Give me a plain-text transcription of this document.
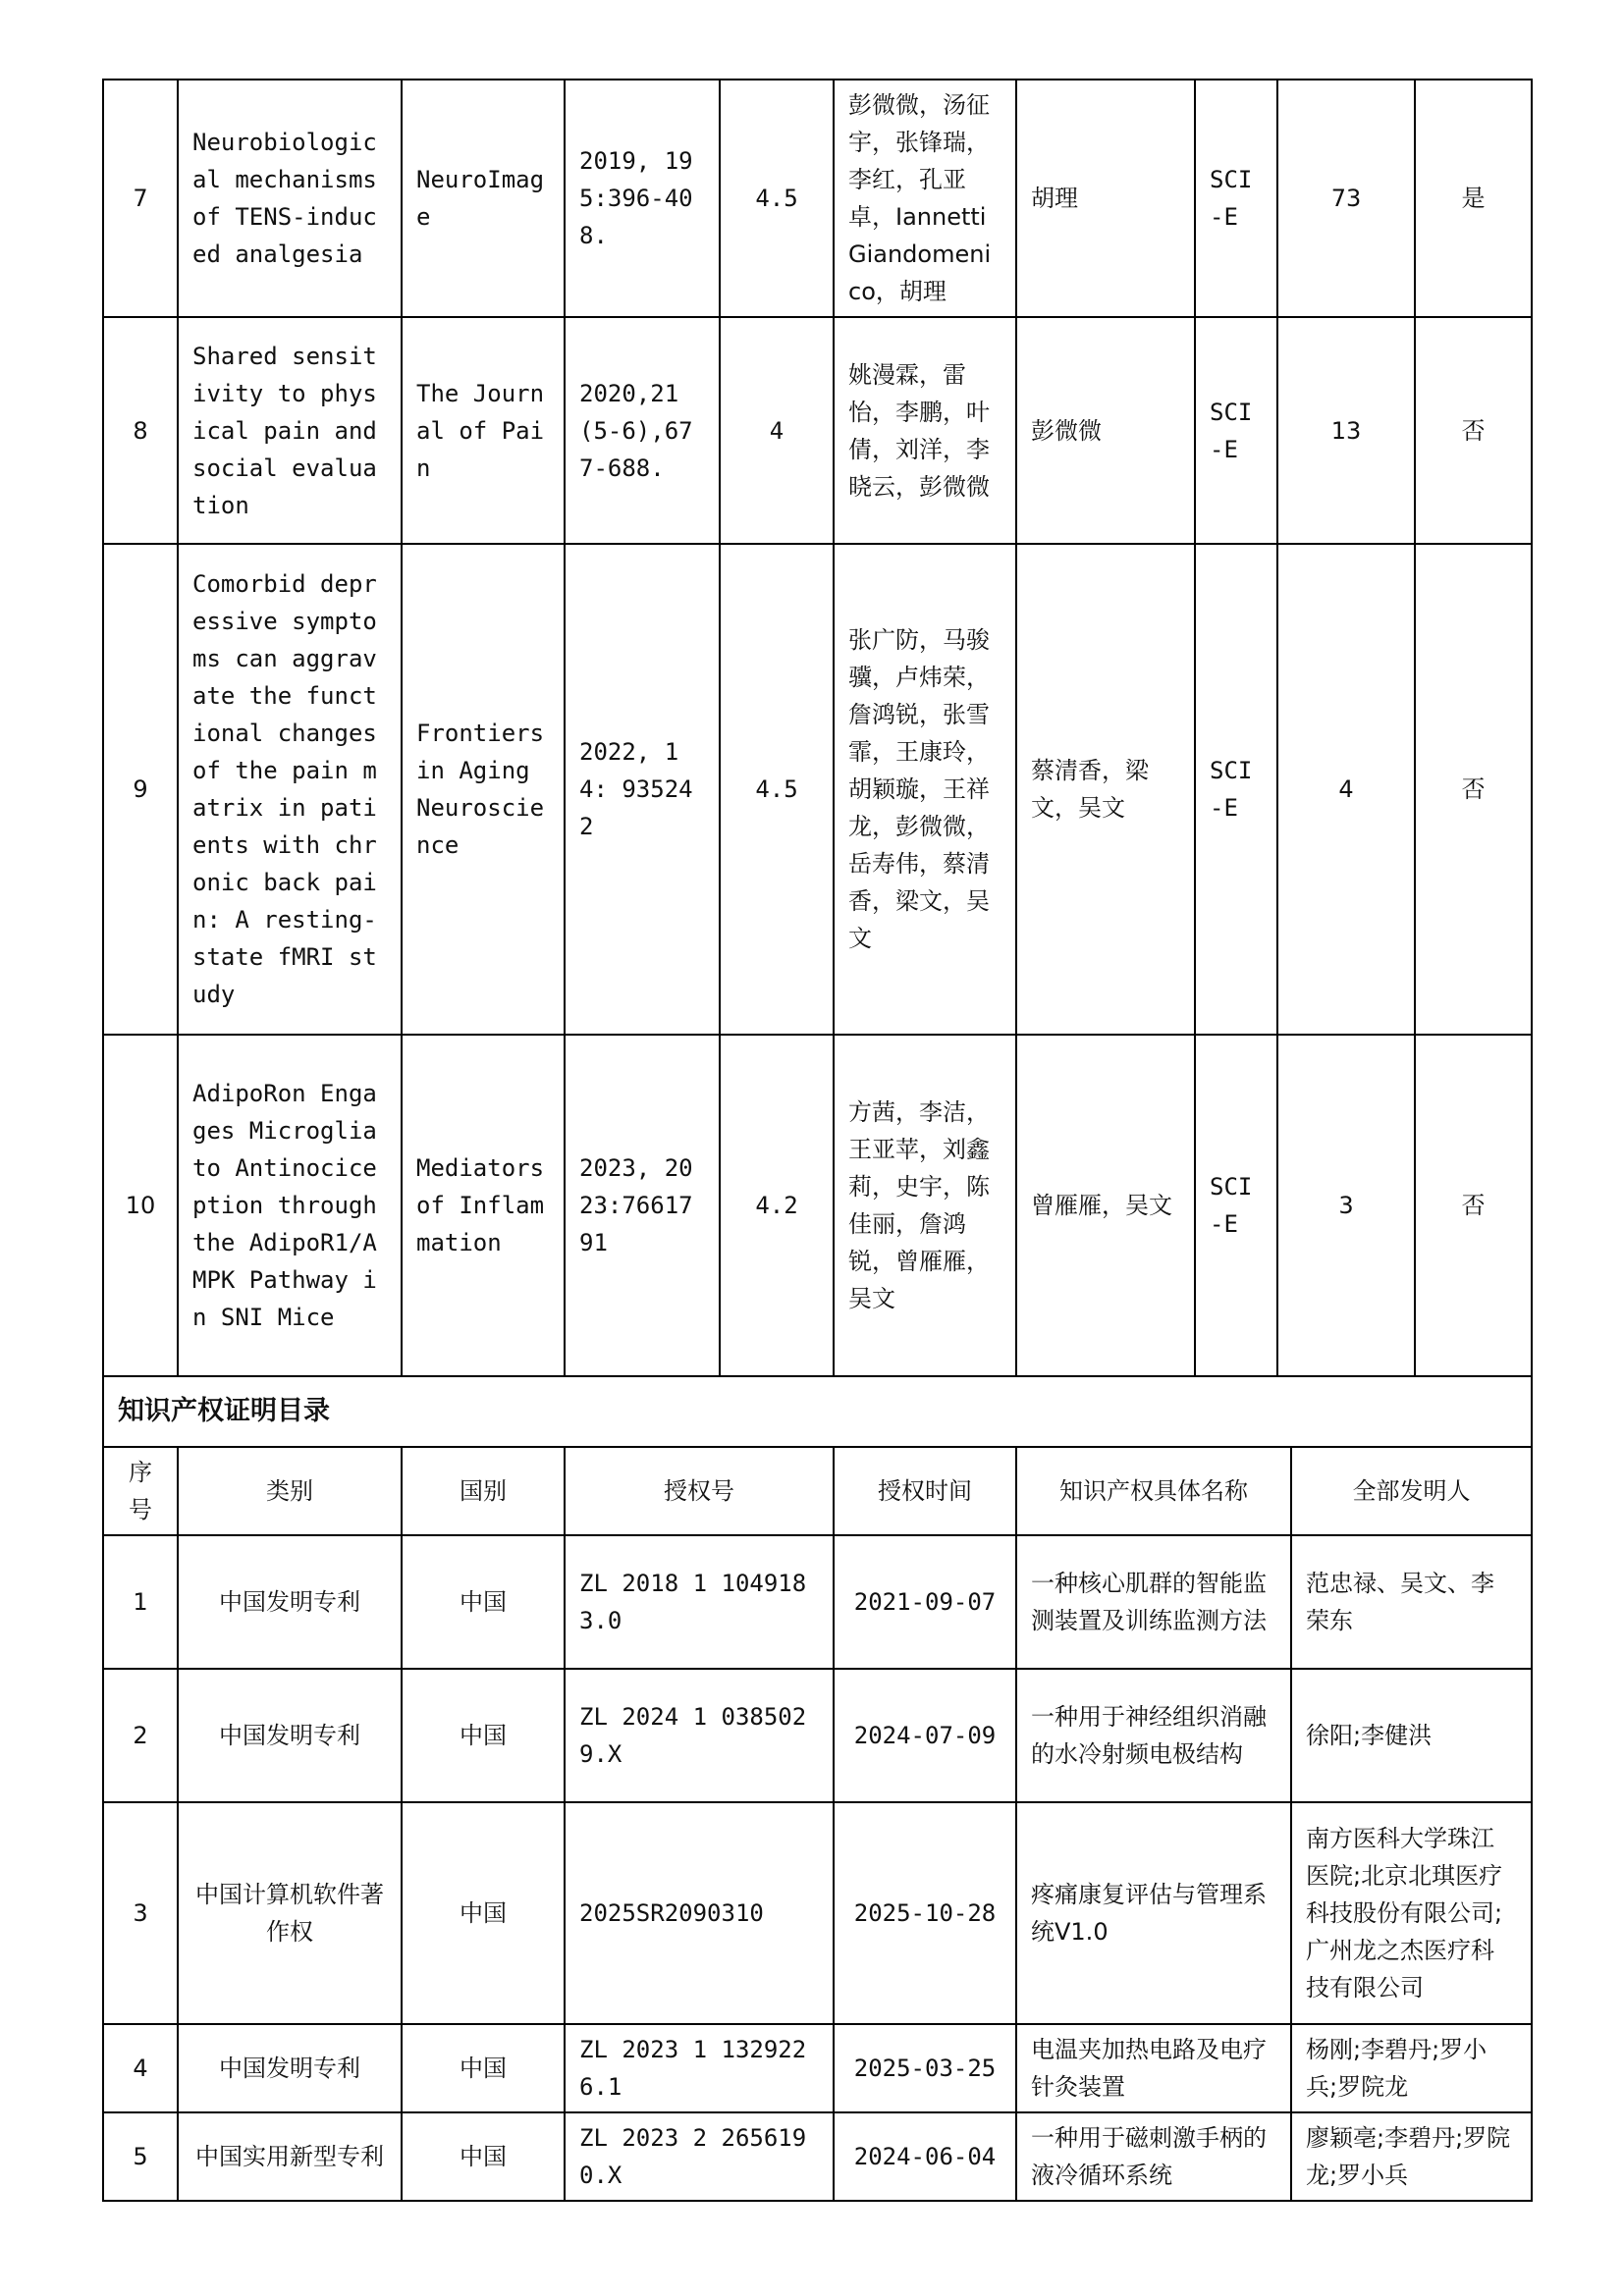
7	Neurobiological mechanisms of TENS-induced analgesia	NeuroImage	2019, 195:396-408.	4.5	彭微微，汤征宇，张锋瑞，李红，孔亚卓，Iannetti Giandomenico，胡理	胡理	SCI-E	73	是
8	Shared sensitivity to physical pain and social evaluation	The Journal of Pain	2020,21(5-6),677-688.	4	姚漫霖，雷怡，李鹏，叶倩，刘洋，李晓云，彭微微	彭微微	SCI-E	13	否
9	Comorbid depressive symptoms can aggravate the functional changes of the pain matrix in patients with chronic back pain: A resting-state fMRI study	Frontiers in Aging Neuroscience	2022, 14: 935242	4.5	张广防，马骏骥，卢炜荣，詹鸿锐，张雪霏，王康玲，胡颖璇，王祥龙，彭微微，岳寿伟，蔡清香，梁文，吴文	蔡清香，梁文，吴文	SCI-E	4	否
10	AdipoRon Engages Microglia to Antinociception through the AdipoR1/AMPK Pathway in SNI Mice	Mediators of Inflammation	2023, 2023:7661791	4.2	方茜，李洁，王亚苹，刘鑫莉，史宇，陈佳丽，詹鸿锐，曾雁雁，吴文	曾雁雁，吴文	SCI-E	3	否
知识产权证明目录						
序号	类别	国别	授权号	授权时间	知识产权具体名称	全部发明人
1	中国发明专利	中国	ZL 2018 1 1049183.0	2021-09-07	一种核心肌群的智能监测装置及训练监测方法	范忠禄、吴文、李荣东
2	中国发明专利	中国	ZL 2024 1 0385029.X	2024-07-09	一种用于神经组织消融的水冷射频电极结构	徐阳;李健洪
3	中国计算机软件著作权	中国	2025SR2090310	2025-10-28	疼痛康复评估与管理系统V1.0	南方医科大学珠江医院;北京北琪医疗科技股份有限公司;广州龙之杰医疗科技有限公司
4	中国发明专利	中国	ZL 2023 1 1329226.1	2025-03-25	电温夹加热电路及电疗针灸装置	杨刚;李碧丹;罗小兵;罗院龙
5	中国实用新型专利	中国	ZL 2023 2 2656190.X	2024-06-04	一种用于磁刺激手柄的液冷循环系统	廖颖亳;李碧丹;罗院龙;罗小兵
